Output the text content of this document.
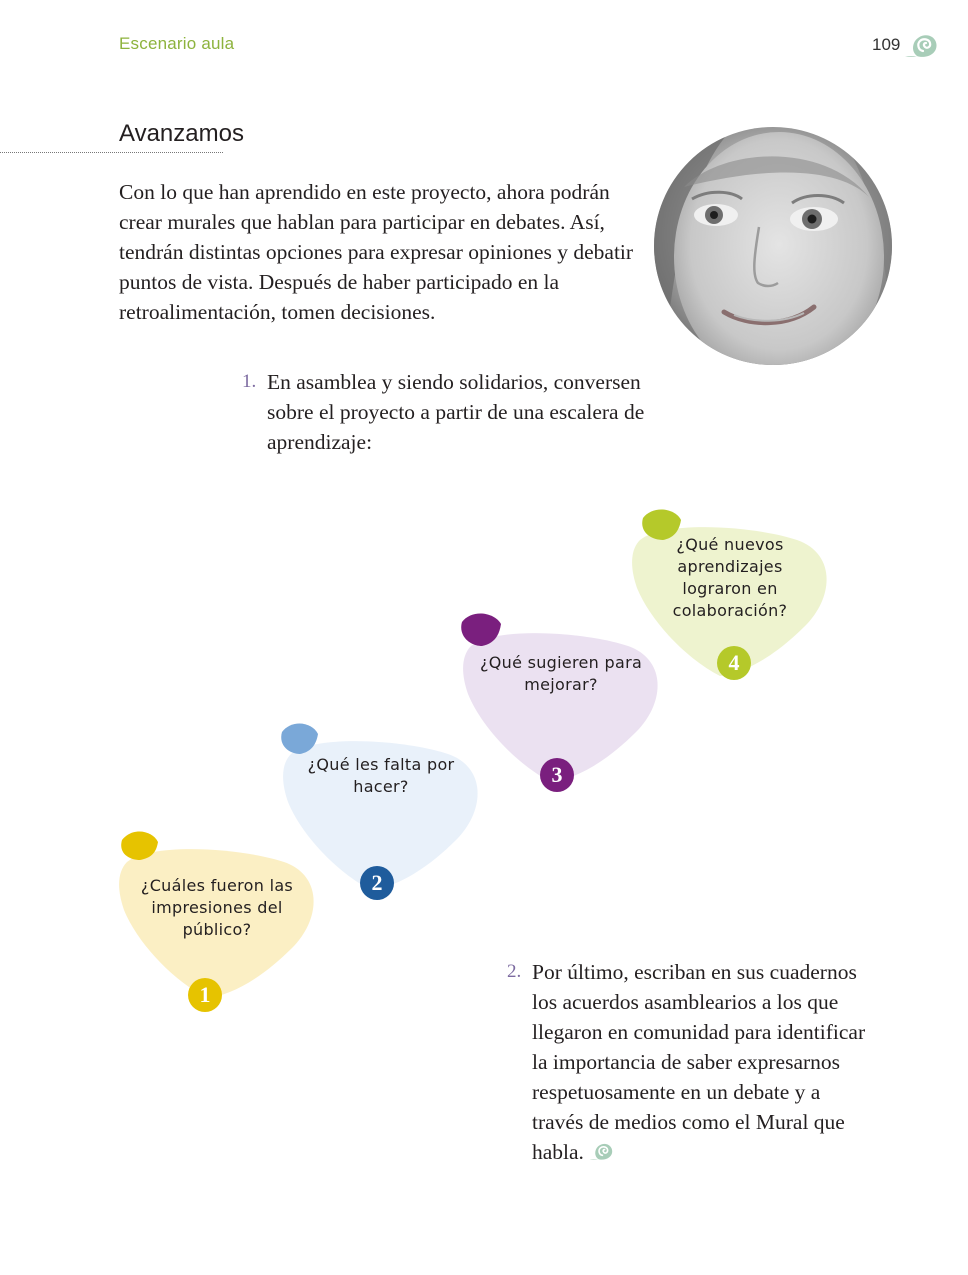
Escenario aula	109
Avanzamos

Con lo que han aprendido en este proyecto, ahora podrán crear murales que hablan para participar en debates. Así, tendrán distintas opciones para expresar opiniones y debatir puntos de vista. Después de haber participado en la retroalimentación, tomen decisiones.

1. En asamblea y siendo solidarios, conversen sobre el proyecto a partir de una escalera de aprendizaje:
¿Cuáles fueron las impresiones del público?
1
¿Qué les falta por hacer?
2
¿Qué sugieren para mejorar?
3
¿Qué nuevos aprendizajes lograron en colaboración?
4
2. Por último, escriban en sus cuadernos los acuerdos asamblearios a los que llegaron en comunidad para identificar la importancia de saber expresarnos respetuosamente en un debate y a través de medios como el Mural que habla.
